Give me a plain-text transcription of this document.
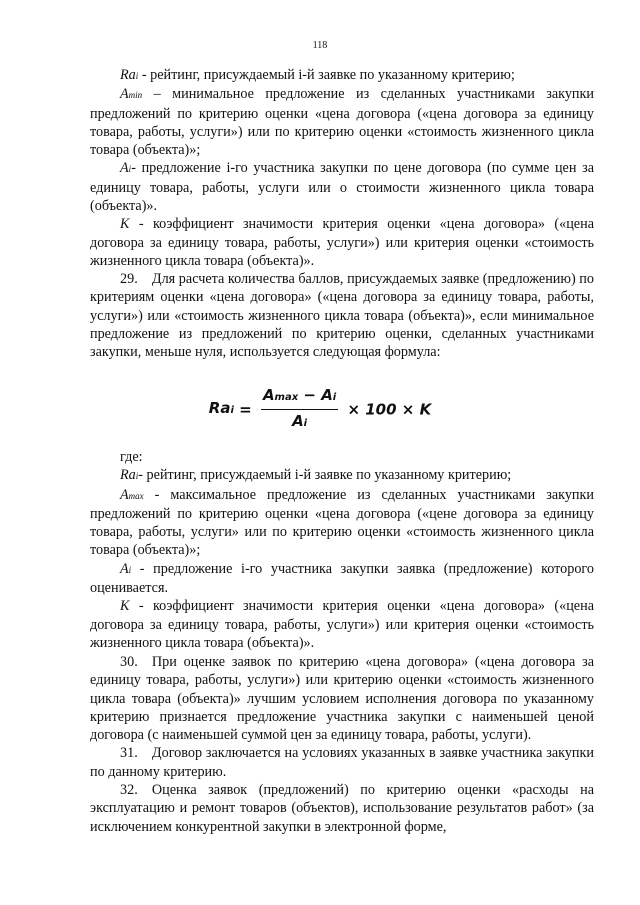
118

Rai - рейтинг, присуждаемый i-й заявке по указанному критерию;

Amin – минимальное предложение из сделанных участниками закупки предложений по критерию оценки «цена договора («цена договора за единицу товара, работы, услуги») или по критерию оценки «стоимость жизненного цикла товара (объекта)»;

Ai- предложение i-го участника закупки по цене договора (по сумме цен за единицу товара, работы, услуги или о стоимости жизненного цикла товара (объекта)».

К - коэффициент значимости критерия оценки «цена договора» («цена договора за единицу товара, работы, услуги») или критерия оценки «стоимость жизненного цикла товара (объекта)».

29. Для расчета количества баллов, присуждаемых заявке (предложению) по критериям оценки «цена договора» («цена договора за единицу товара, работы, услуги») или «стоимость жизненного цикла товара (объекта)», если минимальное предложение из предложений по критерию оценки, сделанных участниками закупки, меньше нуля, используется следующая формула:

Rai = $\frac{Amax - Ai}{Ai} \times 100 \times K$

где:

Rai- рейтинг, присуждаемый i-й заявке по указанному критерию;

Amax - максимальное предложение из сделанных участниками закупки предложений по критерию оценки «цена договора («цене договора за единицу товара, работы, услуги» или по критерию оценки «стоимость жизненного цикла товара (объекта)»;

Ai - предложение i-го участника закупки заявка (предложение) которого оценивается.

К - коэффициент значимости критерия оценки «цена договора» («цена договора за единицу товара, работы, услуги») или критерия оценки «стоимость жизненного цикла товара (объекта)».

30. При оценке заявок по критерию «цена договора» («цена договора за единицу товара, работы, услуги») или критерию оценки «стоимость жизненного цикла товара (объекта)» лучшим условием исполнения договора по указанному критерию признается предложение участника закупки с наименьшей ценой договора (с наименьшей суммой цен за единицу товара, работы, услуги).

31. Договор заключается на условиях указанных в заявке участника закупки по данному критерию.

32. Оценка заявок (предложений) по критерию оценки «расходы на эксплуатацию и ремонт товаров (объектов), использование результатов работ» (за исключением конкурентной закупки в электронной форме,
